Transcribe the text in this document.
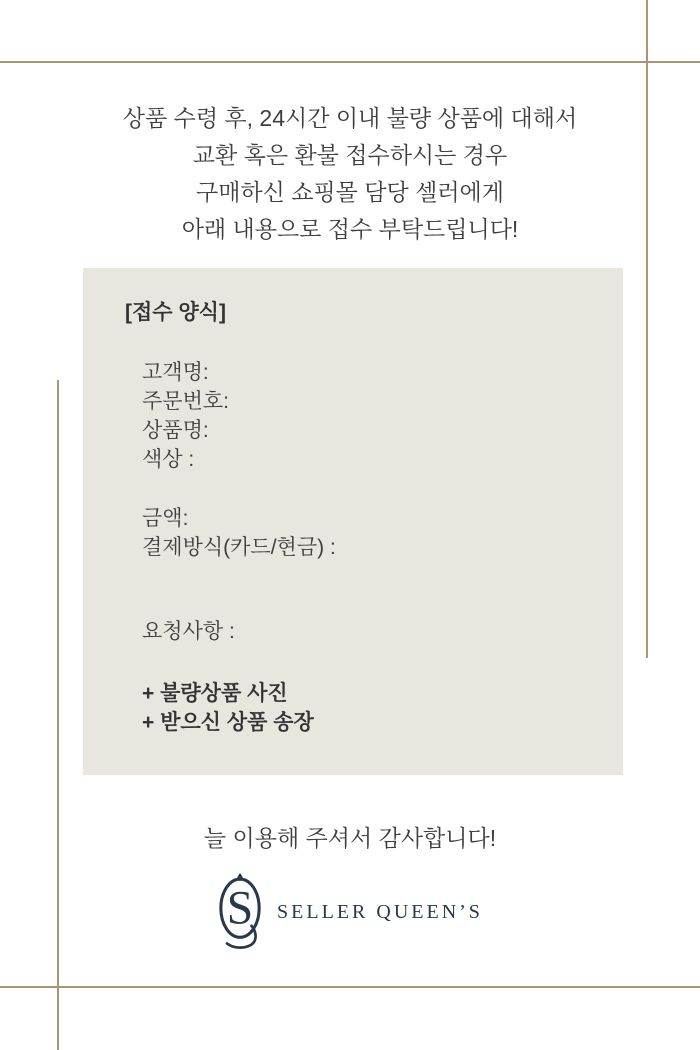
상품 수령 후, 24시간 이내 불량 상품에 대해서
교환 혹은 환불 접수하시는 경우
구매하신 쇼핑몰 담당 셀러에게
아래 내용으로 접수 부탁드립니다!
[접수 양식]
고객명:
주문번호:
상품명:
색상 :
금액:
결제방식(카드/현금) :
요청사항 :
+ 불량상품 사진
+ 받으신 상품 송장
늘 이용해 주셔서 감사합니다!
S SELLER QUEEN’S
